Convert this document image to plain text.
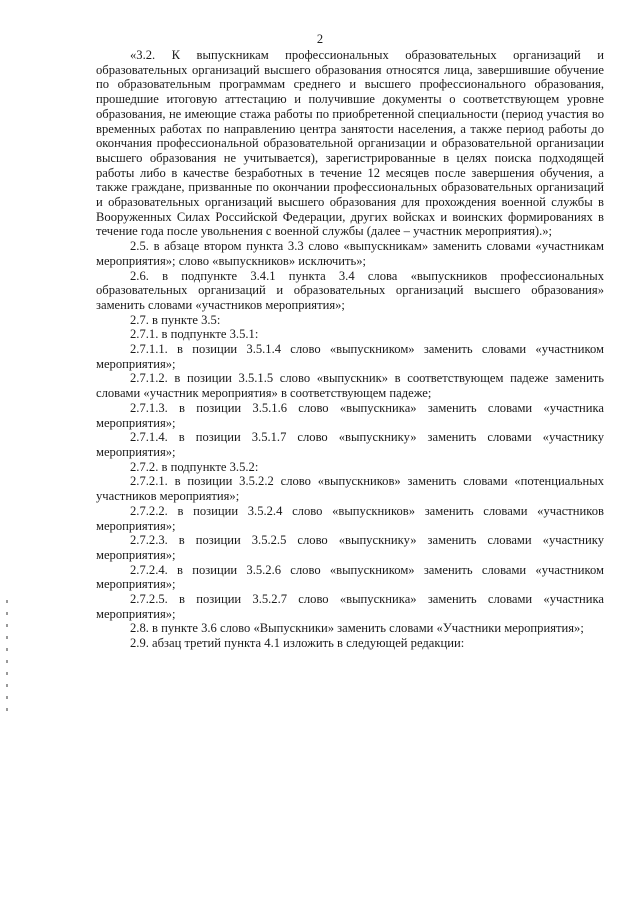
2

«3.2. К выпускникам профессиональных образовательных организаций и образовательных организаций высшего образования относятся лица, завершившие обучение по образовательным программам среднего и высшего профессионального образования, прошедшие итоговую аттестацию и получившие документы о соответствующем уровне образования, не имеющие стажа работы по приобретенной специальности (период участия во временных работах по направлению центра занятости населения, а также период работы до окончания профессиональной образовательной организации и образовательной организации высшего образования не учитывается), зарегистрированные в целях поиска подходящей работы либо в качестве безработных в течение 12 месяцев после завершения обучения, а также граждане, призванные по окончании профессиональных образовательных организаций и образовательных организаций высшего образования для прохождения военной службы в Вооруженных Силах Российской Федерации, других войсках и воинских формированиях в течение года после увольнения с военной службы (далее – участник мероприятия).»;

2.5. в абзаце втором пункта 3.3 слово «выпускникам» заменить словами «участникам мероприятия»; слово «выпускников» исключить»;

2.6. в подпункте 3.4.1 пункта 3.4 слова «выпускников профессиональных образовательных организаций и образовательных организаций высшего образования» заменить словами «участников мероприятия»;

2.7. в пункте 3.5:

2.7.1. в подпункте 3.5.1:

2.7.1.1. в позиции 3.5.1.4 слово «выпускником» заменить словами «участником мероприятия»;

2.7.1.2. в позиции 3.5.1.5 слово «выпускник» в соответствующем падеже заменить словами «участник мероприятия» в соответствующем падеже;

2.7.1.3. в позиции 3.5.1.6 слово «выпускника» заменить словами «участника мероприятия»;

2.7.1.4. в позиции 3.5.1.7 слово «выпускнику» заменить словами «участнику мероприятия»;

2.7.2. в подпункте 3.5.2:

2.7.2.1. в позиции 3.5.2.2 слово «выпускников» заменить словами «потенциальных участников мероприятия»;

2.7.2.2. в позиции 3.5.2.4 слово «выпускников» заменить словами «участников мероприятия»;

2.7.2.3. в позиции 3.5.2.5 слово «выпускнику» заменить словами «участнику мероприятия»;

2.7.2.4. в позиции 3.5.2.6 слово «выпускником» заменить словами «участником мероприятия»;

2.7.2.5. в позиции 3.5.2.7 слово «выпускника» заменить словами «участника мероприятия»;

2.8. в пункте 3.6 слово «Выпускники» заменить словами «Участники мероприятия»;

2.9. абзац третий пункта 4.1 изложить в следующей редакции:
